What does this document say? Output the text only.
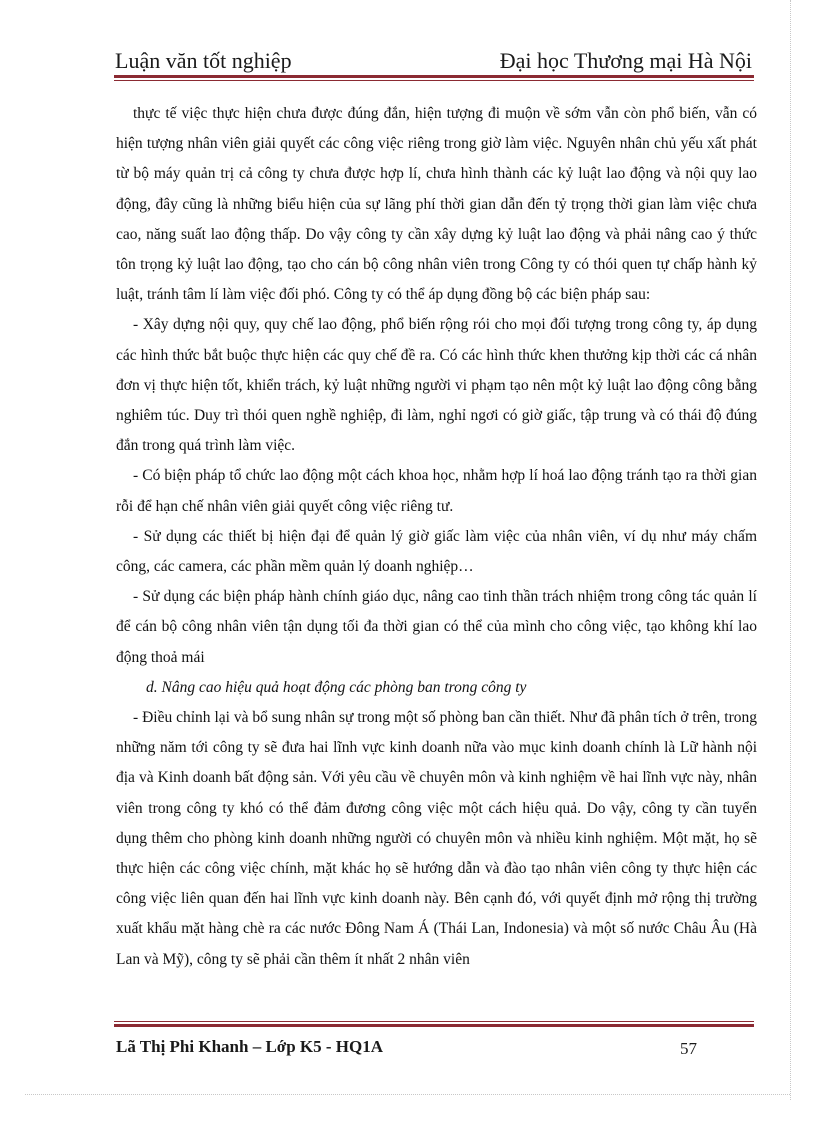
Luận văn tốt nghiệp	Đại học Thương mại Hà Nội

thực tế việc thực hiện chưa được đúng đắn, hiện tượng đi muộn về sớm vẫn còn phổ biến, vẫn có hiện tượng nhân viên giải quyết các công việc riêng trong giờ làm việc. Nguyên nhân chủ yếu xất phát từ bộ máy quản trị cả công ty chưa được hợp lí, chưa hình thành các kỷ luật lao động và nội quy lao động, đây cũng là những biểu hiện của sự lãng phí thời gian dẫn đến tỷ trọng thời gian làm việc chưa cao, năng suất lao động thấp. Do vậy công ty cần xây dựng kỷ luật lao động và phải nâng cao ý thức tôn trọng kỷ luật lao động, tạo cho cán bộ công nhân viên trong Công ty có thói quen tự chấp hành kỷ luật, tránh tâm lí làm việc đối phó. Công ty có thể áp dụng đồng bộ các biện pháp sau:

- Xây dựng nội quy, quy chế lao động, phổ biến rộng rói cho mọi đối tượng trong công ty, áp dụng các hình thức bắt buộc thực hiện các quy chế đề ra. Có các hình thức khen thưởng kịp thời các cá nhân đơn vị thực hiện tốt, khiển trách, kỷ luật những người vi phạm tạo nên một kỷ luật lao động công bằng nghiêm túc. Duy trì thói quen nghề nghiệp, đi làm, nghỉ ngơi có giờ giấc, tập trung và có thái độ đúng đắn trong quá trình làm việc.

- Có biện pháp tổ chức lao động một cách khoa học, nhằm hợp lí hoá lao động tránh tạo ra thời gian rỗi để hạn chế nhân viên giải quyết công việc riêng tư.

- Sử dụng các thiết bị hiện đại để quản lý giờ giấc làm việc của nhân viên, ví dụ như máy chấm công, các camera, các phần mềm quản lý doanh nghiệp…

- Sử dụng các biện pháp hành chính giáo dục, nâng cao tinh thần trách nhiệm trong công tác quản lí để cán bộ công nhân viên tận dụng tối đa thời gian có thể của mình cho công việc, tạo không khí lao động thoả mái

d. Nâng cao hiệu quả hoạt động các phòng ban trong công ty

- Điều chỉnh lại và bổ sung nhân sự trong một số phòng ban cần thiết. Như đã phân tích ở trên, trong những năm tới công ty sẽ đưa hai lĩnh vực kinh doanh nữa vào mục kinh doanh chính là Lữ hành nội địa và Kinh doanh bất động sản. Với yêu cầu về chuyên môn và kinh nghiệm về hai lĩnh vực này, nhân viên trong công ty khó có thể đảm đương công việc một cách hiệu quả. Do vậy, công ty cần tuyển dụng thêm cho phòng kinh doanh những người có chuyên môn và nhiều kinh nghiệm. Một mặt, họ sẽ thực hiện các công việc chính, mặt khác họ sẽ hướng dẫn và đào tạo nhân viên công ty thực hiện các công việc liên quan đến hai lĩnh vực kinh doanh này. Bên cạnh đó, với quyết định mở rộng thị trường xuất khẩu mặt hàng chè ra các nước Đông Nam Á (Thái Lan, Indonesia) và một số nước Châu Âu (Hà Lan và Mỹ), công ty sẽ phải cần thêm ít nhất 2 nhân viên

Lã Thị Phi Khanh – Lớp K5 - HQ1A	57
